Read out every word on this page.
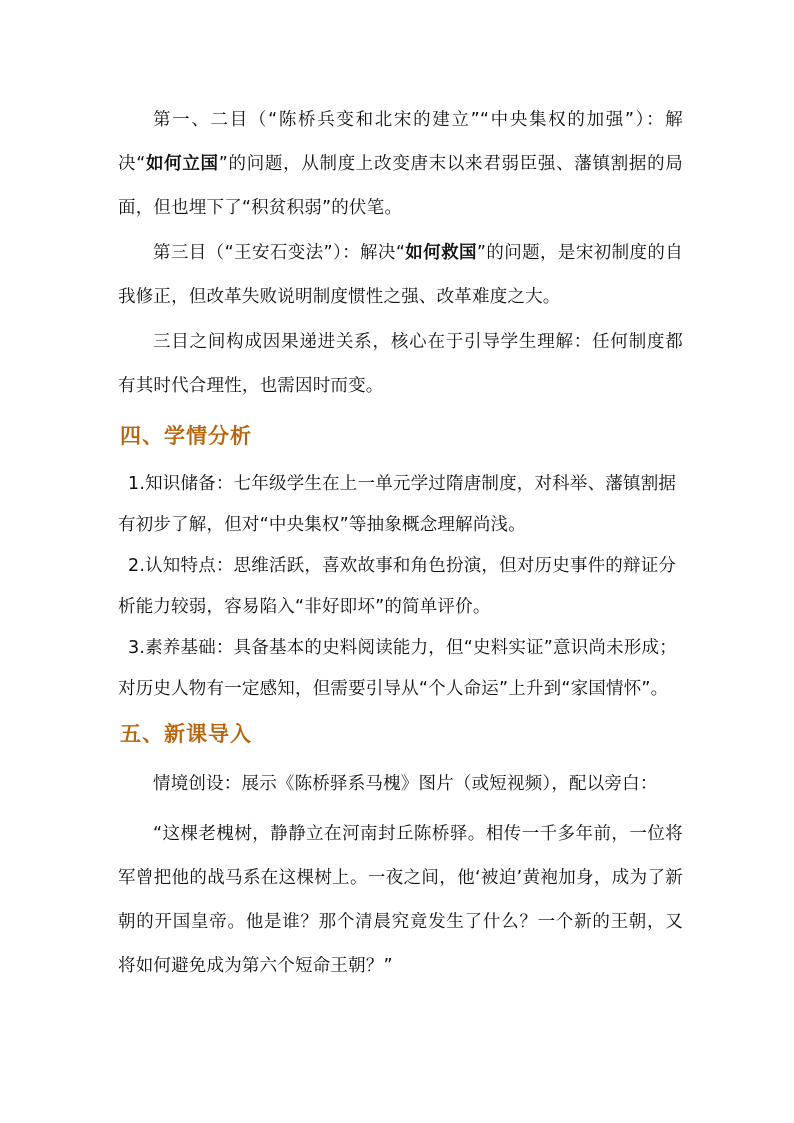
第一、二目（“陈桥兵变和北宋的建立”“中央集权的加强”）：解决“如何立国”的问题，从制度上改变唐末以来君弱臣强、藩镇割据的局面，但也埋下了“积贫积弱”的伏笔。

第三目（“王安石变法”）：解决“如何救国”的问题，是宋初制度的自我修正，但改革失败说明制度惯性之强、改革难度之大。

三目之间构成因果递进关系，核心在于引导学生理解：任何制度都有其时代合理性，也需因时而变。

四、学情分析

1.知识储备：七年级学生在上一单元学过隋唐制度，对科举、藩镇割据有初步了解，但对“中央集权”等抽象概念理解尚浅。

2.认知特点：思维活跃，喜欢故事和角色扮演，但对历史事件的辩证分析能力较弱，容易陷入“非好即坏”的简单评价。

3.素养基础：具备基本的史料阅读能力，但“史料实证”意识尚未形成；对历史人物有一定感知，但需要引导从“个人命运”上升到“家国情怀”。

五、新课导入

情境创设：展示《陈桥驿系马槐》图片（或短视频），配以旁白：

“这棵老槐树，静静立在河南封丘陈桥驿。相传一千多年前，一位将军曾把他的战马系在这棵树上。一夜之间，他‘被迫’黄袍加身，成为了新朝的开国皇帝。他是谁？那个清晨究竟发生了什么？一个新的王朝，又将如何避免成为第六个短命王朝？”
